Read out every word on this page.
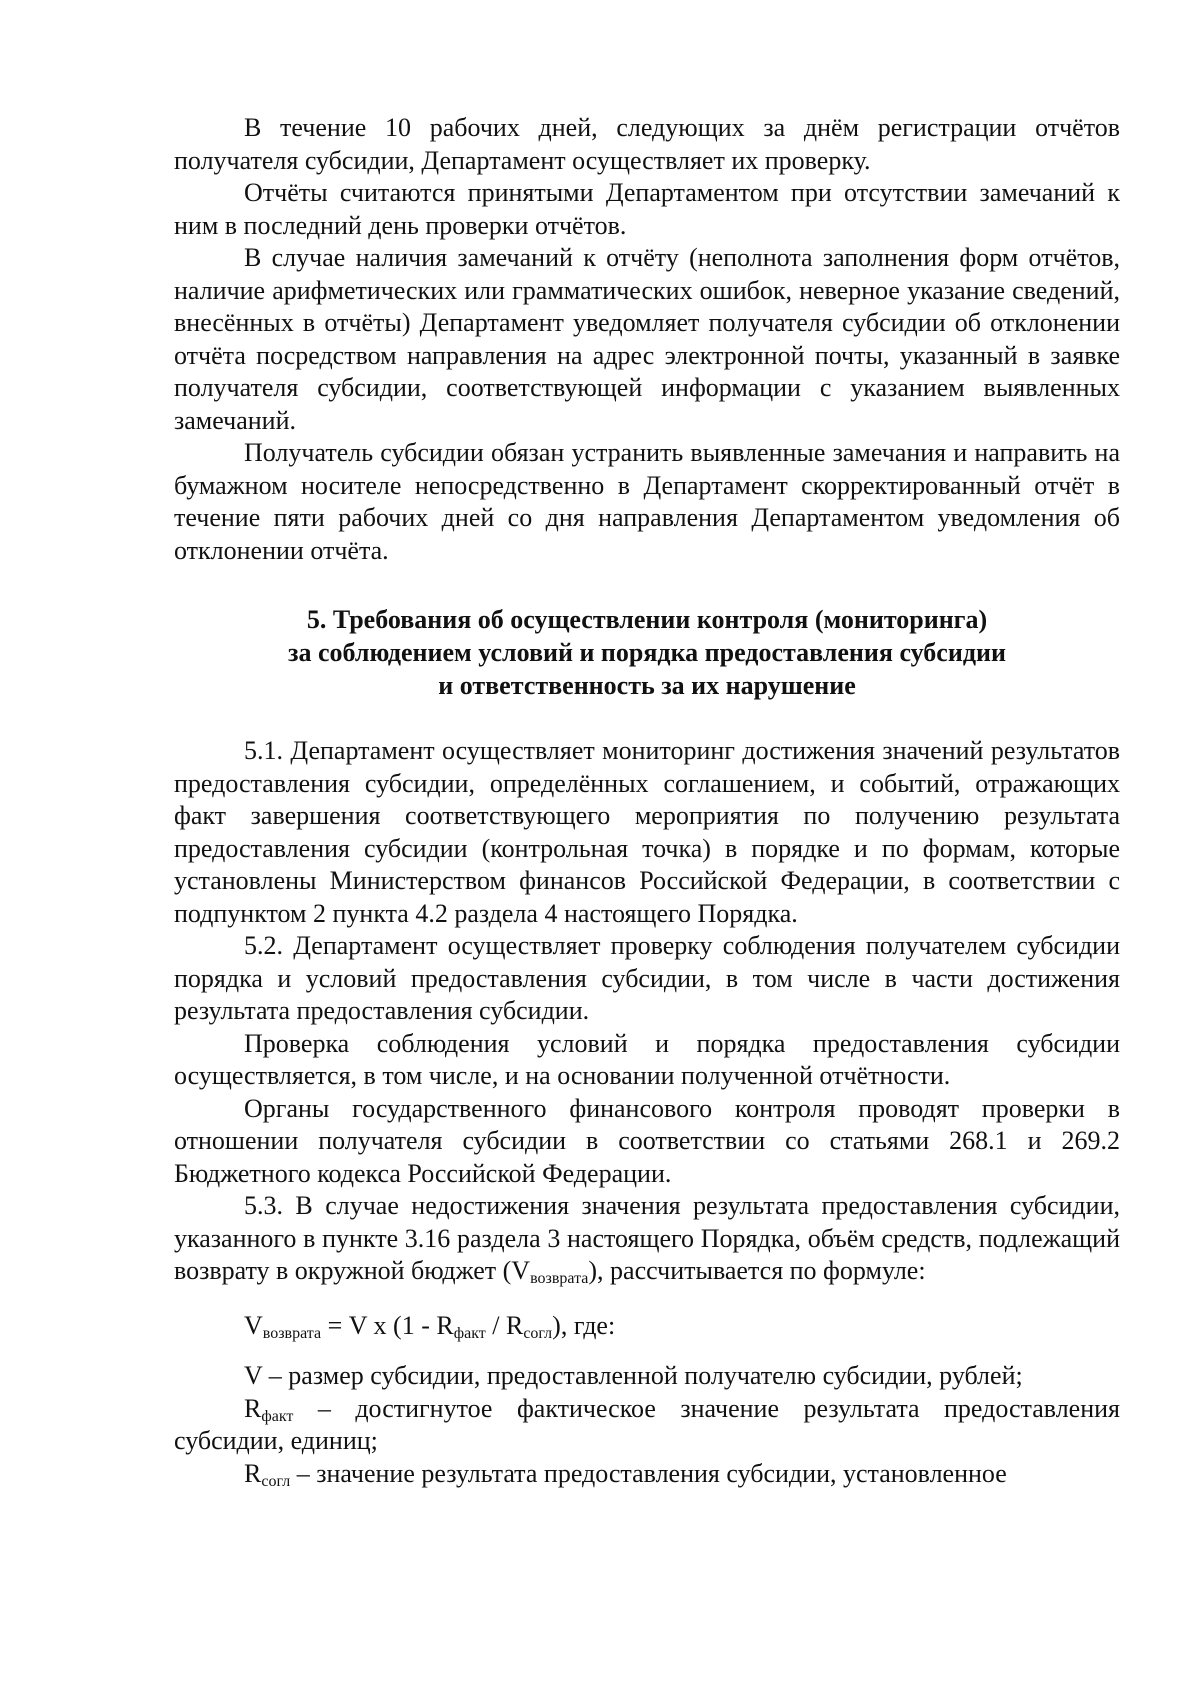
В течение 10 рабочих дней, следующих за днём регистрации отчётов получателя субсидии, Департамент осуществляет их проверку.

Отчёты считаются принятыми Департаментом при отсутствии замечаний к ним в последний день проверки отчётов.

В случае наличия замечаний к отчёту (неполнота заполнения форм отчётов, наличие арифметических или грамматических ошибок, неверное указание сведений, внесённых в отчёты) Департамент уведомляет получателя субсидии об отклонении отчёта посредством направления на адрес электронной почты, указанный в заявке получателя субсидии, соответствующей информации с указанием выявленных замечаний.

Получатель субсидии обязан устранить выявленные замечания и направить на бумажном носителе непосредственно в Департамент скорректированный отчёт в течение пяти рабочих дней со дня направления Департаментом уведомления об отклонении отчёта.

5. Требования об осуществлении контроля (мониторинга)
за соблюдением условий и порядка предоставления субсидии
и ответственность за их нарушение

5.1. Департамент осуществляет мониторинг достижения значений результатов предоставления субсидии, определённых соглашением, и событий, отражающих факт завершения соответствующего мероприятия по получению результата предоставления субсидии (контрольная точка) в порядке и по формам, которые установлены Министерством финансов Российской Федерации, в соответствии с подпунктом 2 пункта 4.2 раздела 4 настоящего Порядка.

5.2. Департамент осуществляет проверку соблюдения получателем субсидии порядка и условий предоставления субсидии, в том числе в части достижения результата предоставления субсидии.

Проверка соблюдения условий и порядка предоставления субсидии осуществляется, в том числе, и на основании полученной отчётности.

Органы государственного финансового контроля проводят проверки в отношении получателя субсидии в соответствии со статьями 268.1 и 269.2 Бюджетного кодекса Российской Федерации.

5.3. В случае недостижения значения результата предоставления субсидии, указанного в пункте 3.16 раздела 3 настоящего Порядка, объём средств, подлежащий возврату в окружной бюджет $(V_{возврата})$, рассчитывается по формуле:

$V_{возврата} = V$ x $(1 - R_{факт} / R_{согл})$, где:

V – размер субсидии, предоставленной получателю субсидии, рублей;

$R_{факт}$ – достигнутое фактическое значение результата предоставления субсидии, единиц;

$R_{согл}$ – значение результата предоставления субсидии, установленное
